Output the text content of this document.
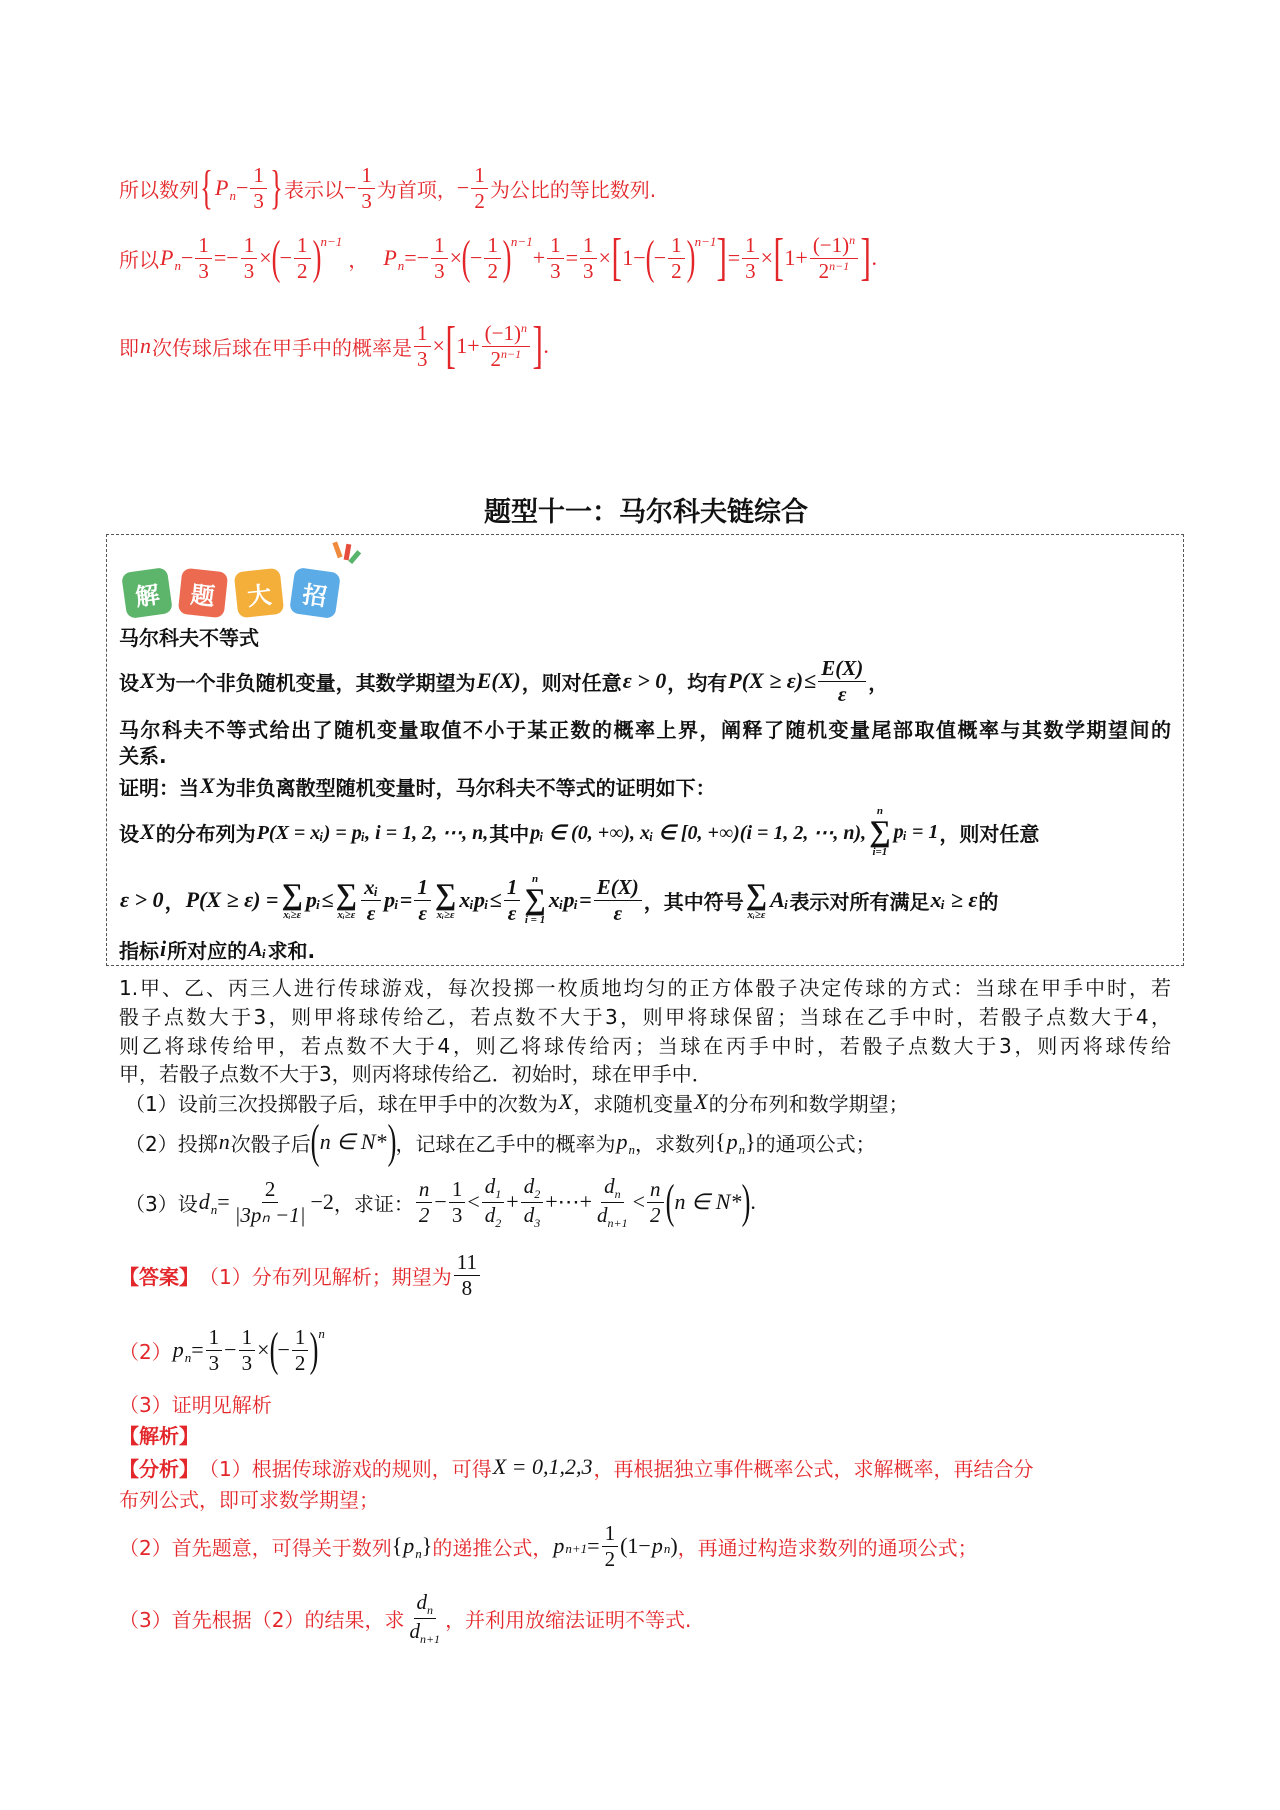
所以数列 { P $n - \frac{1}{3}$ } 表示以 − $\frac{1}{3}$ 为首项， − $\frac{1}{2}$ 为公比的等比数列.
所以 P $n - \frac{1}{3}$ = − $\frac{1}{3}$ × ( − $\frac{1}{2}$ ) n−1
， P n = − $\frac{1}{3}$ × ( − $\frac{1}{2}$ ) n−1
+ $\frac{1}{3} = \frac{1}{3}$ × [ 1− ( − $\frac{1}{2}$ ) n−1 ] = $\frac{1}{3}$ × [ $1+ \frac{(-1)^n}{2^{n-1}}$ ] .
即 n 次传球后球在甲手中的概率是 $\frac{1}{3}$ × [ $1+ \frac{(-1)^n}{2^{n-1}}$ ] .
题型十一：马尔科夫链综合
解	题	大	招
马尔科夫不等式
设 X 为一个非负随机变量，其数学期望为 E(X) ，则对任意 ε > 0 ，均有 $P(X \ge \varepsilon) \le \frac{E(X)}{\varepsilon}$ ，
马尔科夫不等式给出了随机变量取值不小于某正数的概率上界，阐释了随机变量尾部取值概率与其数学期望间的
关系.
证明：当 X 为非负离散型随机变量时，马尔科夫不等式的证明如下：
设 X 的分布列为 P(X = xᵢ) = pᵢ, i = 1, 2, ⋯, n, 其中 pᵢ ∈ (0, +∞), xᵢ ∈ [0, +∞)(i = 1, 2, ⋯, n),
n
∑
i=1
pᵢ = 1 ，则对任意
ε > 0 ， P(X ≥ ε) = ∑
xᵢ≥ε
pᵢ ≤ ∑
xᵢ≥ε $\frac{\text{xᵢ}}{\varepsilon}$ pᵢ = $\frac{1}{\varepsilon}$ ∑
xᵢ≥ε
xᵢpᵢ ≤ $\frac{1}{\varepsilon}$ n
∑
i = 1
xᵢpᵢ = $\frac{E(X)}{\varepsilon}$ ，其中符号 ∑
xᵢ≥ε
Aᵢ 表示对所有满足 xᵢ ≥ ε 的
指标 i 所对应的 Aᵢ 求和.
1.甲、乙、丙三人进行传球游戏，每次投掷一枚质地均匀的正方体骰子决定传球的方式：当球在甲手中时，若
骰子点数大于3，则甲将球传给乙，若点数不大于3，则甲将球保留；当球在乙手中时，若骰子点数大于4，
则乙将球传给甲，若点数不大于4，则乙将球传给丙；当球在丙手中时，若骰子点数大于3，则丙将球传给
甲，若骰子点数不大于3，则丙将球传给乙．初始时，球在甲手中．
（1）设前三次投掷骰子后，球在甲手中的次数为 X ，求随机变量 X 的分布列和数学期望；
（2）投掷 n 次骰子后 ( n ∈ N* ) ，记球在乙手中的概率为 p n ，求数列 { p n } 的通项公式；
（3）设 d $n = \frac{2}{\text{|3pₙ −1|}} - 2$ ，求证： $\frac{n}{2} - \frac{1}{3} < \frac{d_1}{d_2} + \frac{d_2}{d_3}$ +⋯+ $\frac{d_n}{d_{n+1}} < \frac{n}{2}$ ( n ∈ N* ) .
【答案】 （1）分布列见解析；期望为 $\frac{11}{8}$
（2） p $n = \frac{1}{3} - \frac{1}{3}$ × ( − $\frac{1}{2}$ ) n
（3）证明见解析
【解析】
【分析】 （1）根据传球游戏的规则，可得 X = 0,1,2,3 ，再根据独立事件概率公式，求解概率，再结合分
布列公式，即可求数学期望；
（2）首先题意，可得关于数列 { p n } 的递推公式， p $n+1 = \frac{1}{2}$ ( 1− p n ) ，再通过构造求数列的通项公式；
（3）首先根据（2）的结果，求 $\frac{d_n}{d_{n+1}}$ ，并利用放缩法证明不等式.
